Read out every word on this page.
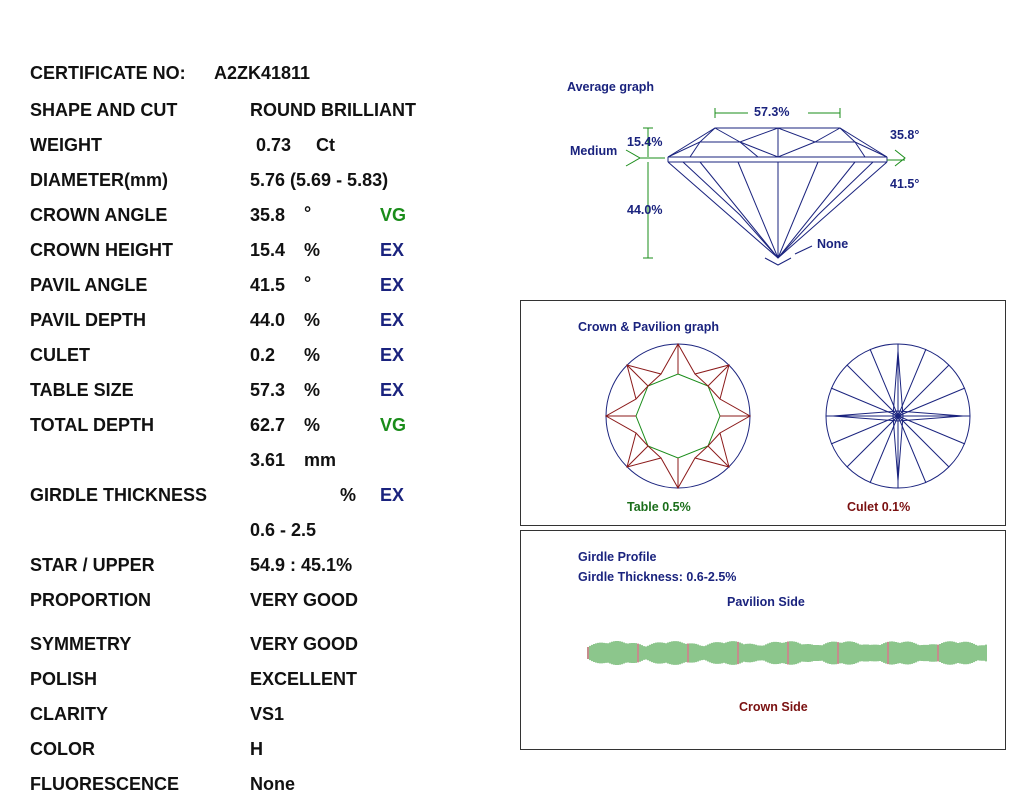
CERTIFICATE NO: A2ZK41811
SHAPE AND CUT	ROUND BRILLIANT
WEIGHT	0.73 Ct
DIAMETER(mm)	5.76 (5.69 - 5.83)
CROWN ANGLE	35.8 °	VG
CROWN HEIGHT	15.4 %	EX
PAVIL ANGLE	41.5 °	EX
PAVIL DEPTH	44.0 %	EX
CULET	0.2 %	EX
TABLE SIZE	57.3 %	EX
TOTAL DEPTH	62.7 %	VG
3.61 mm
GIRDLE THICKNESS	% EX
0.6 - 2.5
STAR / UPPER	54.9 : 45.1%
PROPORTION	VERY GOOD
SYMMETRY	VERY GOOD
POLISH	EXCELLENT
CLARITY	VS1
COLOR	H
FLUORESCENCE	None
Average graph
57.3%
35.8°
15.4%
Medium
41.5°
44.0%
None
Crown & Pavilion graph
Table 0.5%	Culet 0.1%
Girdle Profile
Girdle Thickness: 0.6-2.5%
Pavilion Side
Crown Side
